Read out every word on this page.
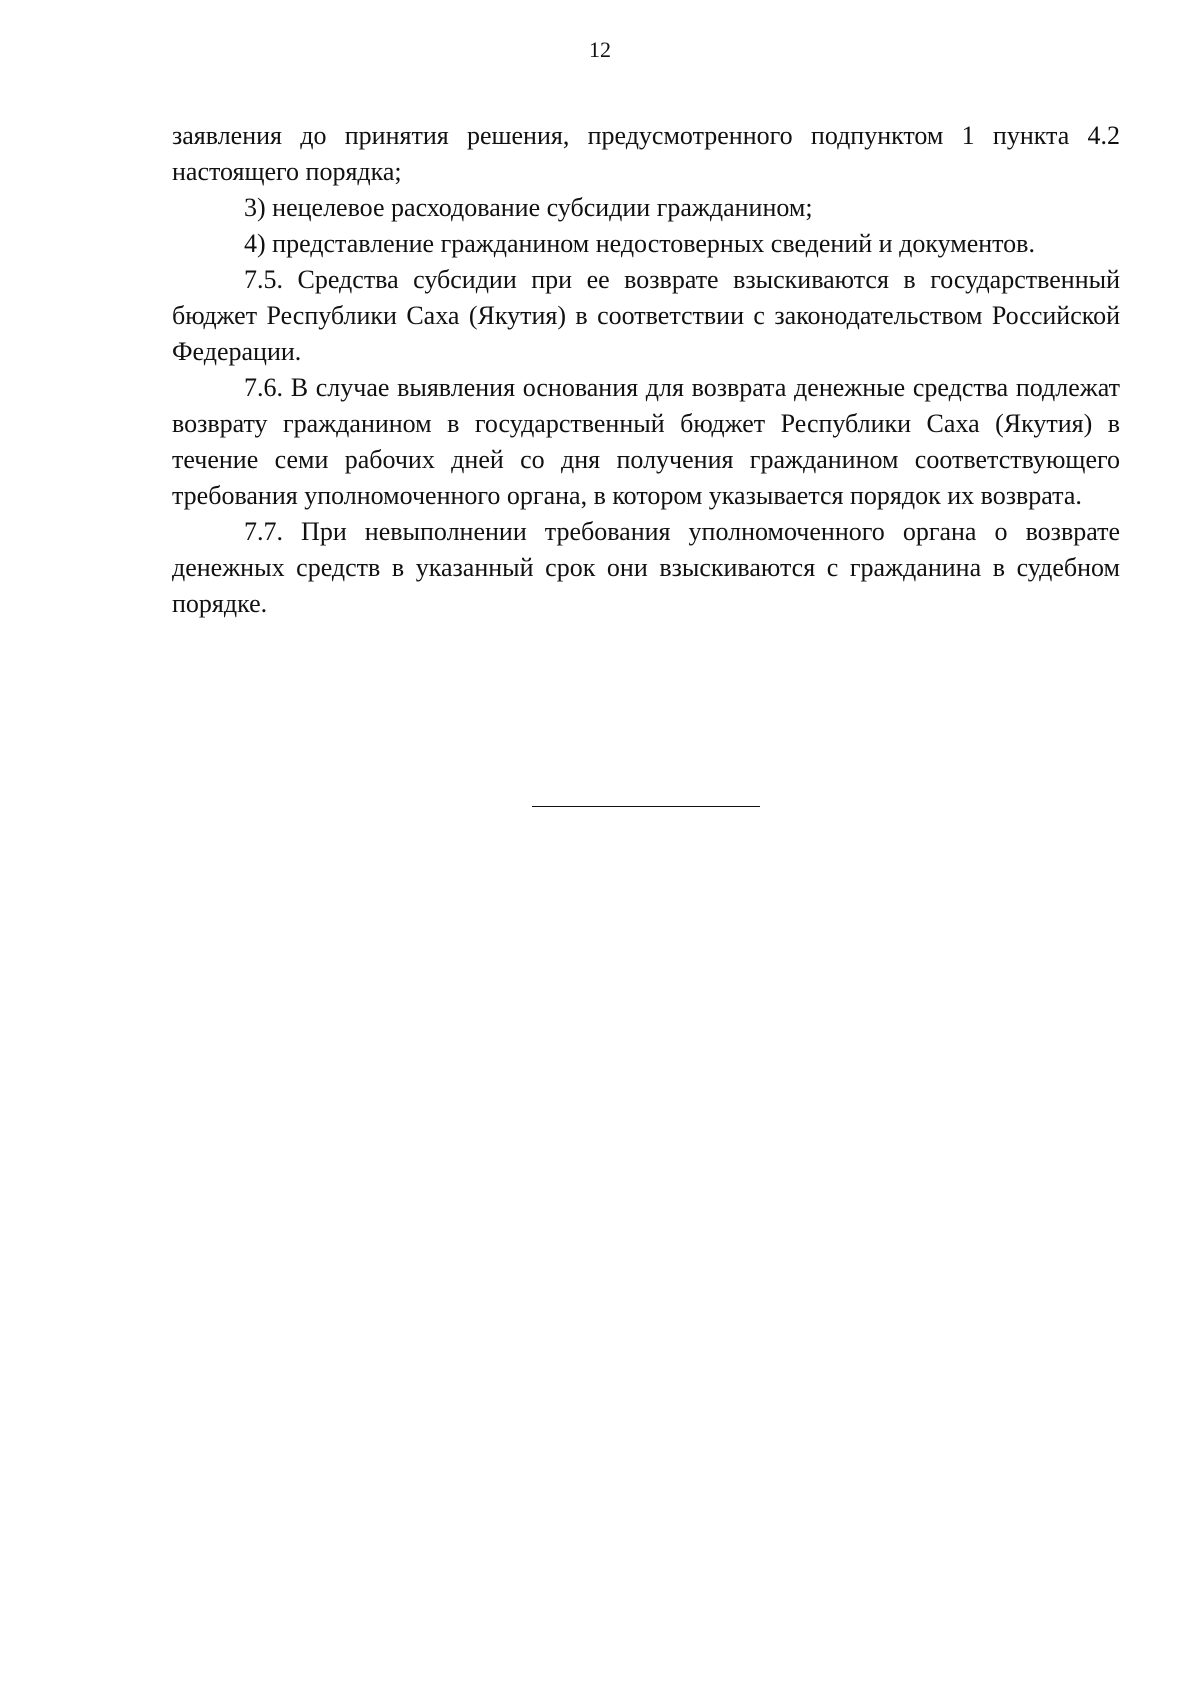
12

заявления до принятия решения, предусмотренного подпунктом 1 пункта 4.2 настоящего порядка;

3) нецелевое расходование субсидии гражданином;

4) представление гражданином недостоверных сведений и документов.

7.5. Средства субсидии при ее возврате взыскиваются в государственный бюджет Республики Саха (Якутия) в соответствии с законодательством Российской Федерации.

7.6. В случае выявления основания для возврата денежные средства подлежат возврату гражданином в государственный бюджет Республики Саха (Якутия) в течение семи рабочих дней со дня получения гражданином соответствующего требования уполномоченного органа, в котором указывается порядок их возврата.

7.7. При невыполнении требования уполномоченного органа о возврате денежных средств в указанный срок они взыскиваются с гражданина в судебном порядке.
